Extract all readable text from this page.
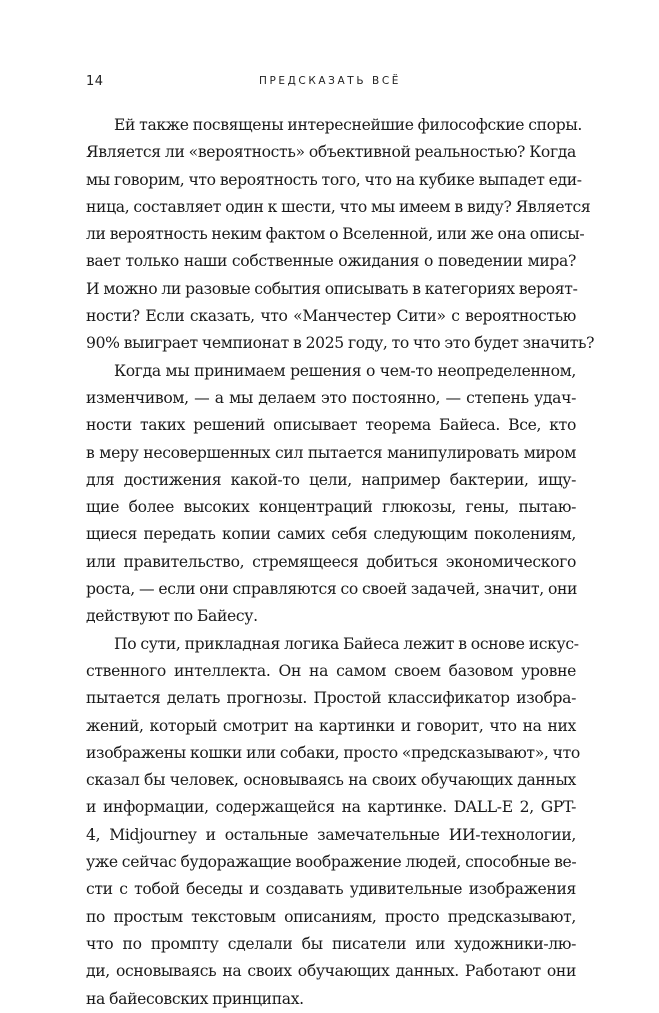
14	ПРЕДСКАЗАТЬ ВСЁ
Ей также посвящены интереснейшие философские споры.
Является ли «вероятность» объективной реальностью? Когда
мы говорим, что вероятность того, что на кубике выпадет еди-
ница, составляет один к шести, что мы имеем в виду? Является
ли вероятность неким фактом о Вселенной, или же она описы-
вает только наши собственные ожидания о поведении мира?
И можно ли разовые события описывать в категориях вероят-
ности? Если сказать, что «Манчестер Сити» с вероятностью
90% выиграет чемпионат в 2025 году, то что это будет значить?
Когда мы принимаем решения о чем-то неопределенном,
изменчивом, — а мы делаем это постоянно, — степень удач-
ности таких решений описывает теорема Байеса. Все, кто
в меру несовершенных сил пытается манипулировать миром
для достижения какой-то цели, например бактерии, ищу-
щие более высоких концентраций глюкозы, гены, пытаю-
щиеся передать копии самих себя следующим поколениям,
или правительство, стремящееся добиться экономического
роста, — если они справляются со своей задачей, значит, они
действуют по Байесу.
По сути, прикладная логика Байеса лежит в основе искус-
ственного интеллекта. Он на самом своем базовом уровне
пытается делать прогнозы. Простой классификатор изобра-
жений, который смотрит на картинки и говорит, что на них
изображены кошки или собаки, просто «предсказывают», что
сказал бы человек, основываясь на своих обучающих данных
и информации, содержащейся на картинке. DALL-E 2, GPT-
4, Midjourney и остальные замечательные ИИ-технологии,
уже сейчас будоражащие воображение людей, способные ве-
сти с тобой беседы и создавать удивительные изображения
по простым текстовым описаниям, просто предсказывают,
что по промпту сделали бы писатели или художники-лю-
ди, основываясь на своих обучающих данных. Работают они
на байесовских принципах.
